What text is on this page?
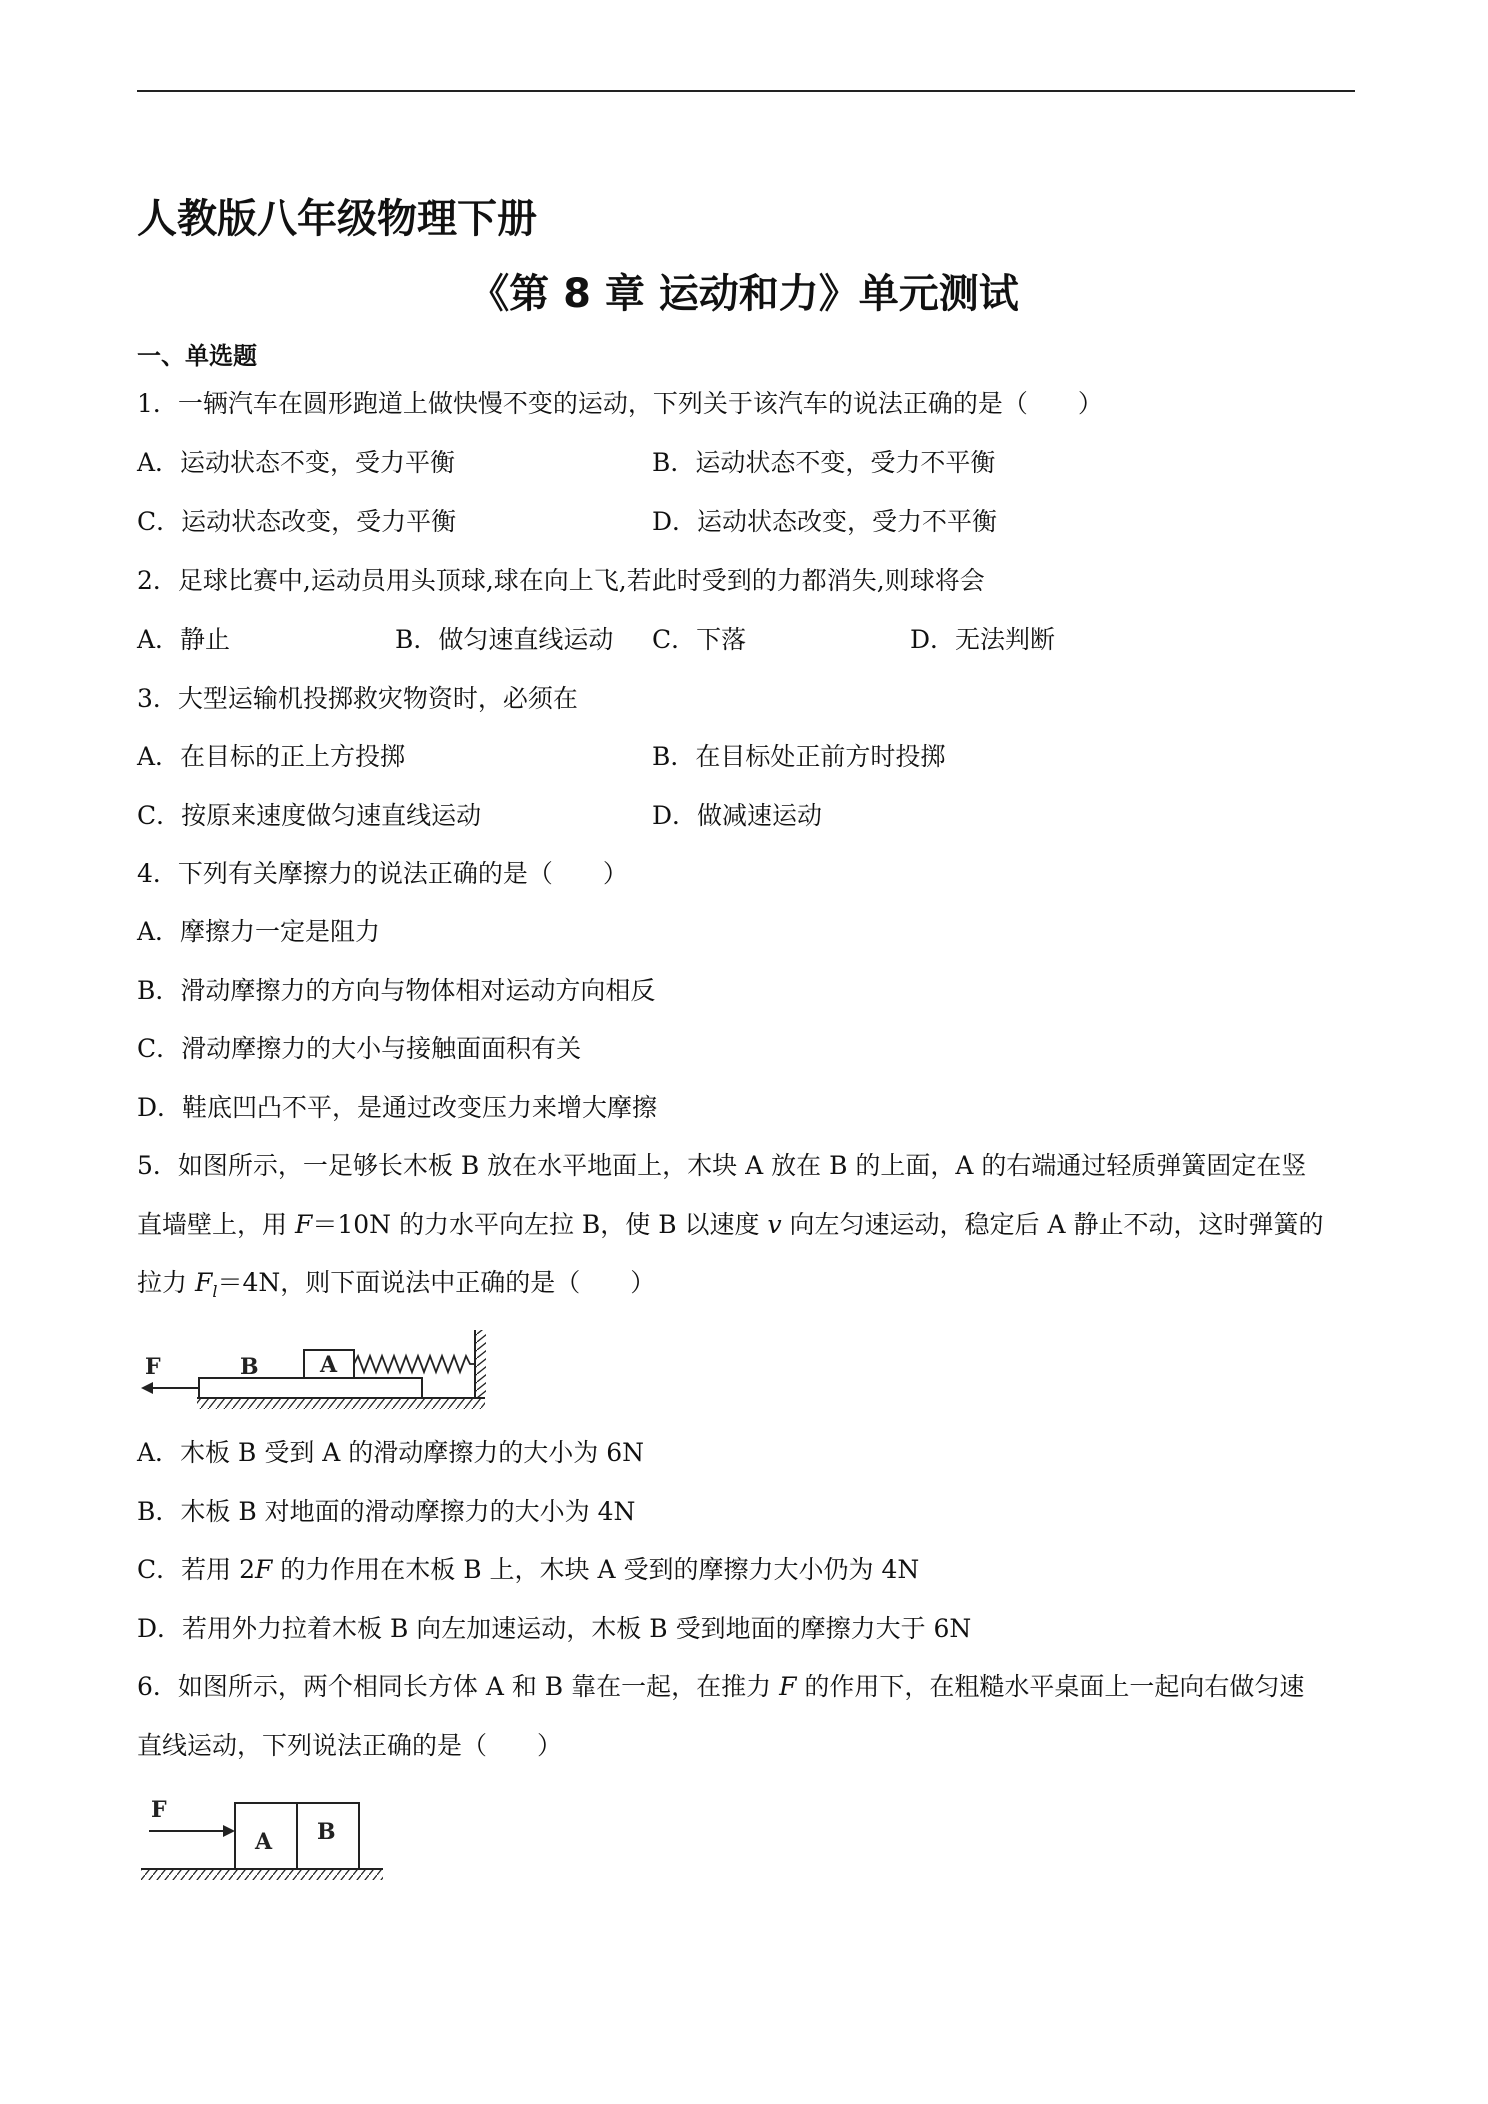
人教版八年级物理下册
《第 8 章 运动和力》单元测试
一、单选题
1．一辆汽车在圆形跑道上做快慢不变的运动，下列关于该汽车的说法正确的是（　　）
A．运动状态不变，受力平衡	B．运动状态不变，受力不平衡
C．运动状态改变，受力平衡	D．运动状态改变，受力不平衡
2．足球比赛中,运动员用头顶球,球在向上飞,若此时受到的力都消失,则球将会
A．静止	B．做匀速直线运动 C．下落	D．无法判断
3．大型运输机投掷救灾物资时，必须在
A．在目标的正上方投掷	B．在目标处正前方时投掷
C．按原来速度做匀速直线运动	D．做减速运动
4．下列有关摩擦力的说法正确的是（　　）
A．摩擦力一定是阻力
B．滑动摩擦力的方向与物体相对运动方向相反
C．滑动摩擦力的大小与接触面面积有关
D．鞋底凹凸不平，是通过改变压力来增大摩擦
5．如图所示，一足够长木板 B 放在水平地面上，木块 A 放在 B 的上面，A 的右端通过轻质弹簧固定在竖
直墙壁上，用 F＝10N 的力水平向左拉 B，使 B 以速度 v 向左匀速运动，稳定后 A 静止不动，这时弹簧的
拉力 $F_l=4N$，则下面说法中正确的是（　　）
F	B	A
A．木板 B 受到 A 的滑动摩擦力的大小为 6N
B．木板 B 对地面的滑动摩擦力的大小为 4N
C．若用 2F 的力作用在木板 B 上，木块 A 受到的摩擦力大小仍为 4N
D．若用外力拉着木板 B 向左加速运动，木板 B 受到地面的摩擦力大于 6N
6．如图所示，两个相同长方体 A 和 B 靠在一起，在推力 F 的作用下，在粗糙水平桌面上一起向右做匀速
直线运动，下列说法正确的是（　　）
F
A B
